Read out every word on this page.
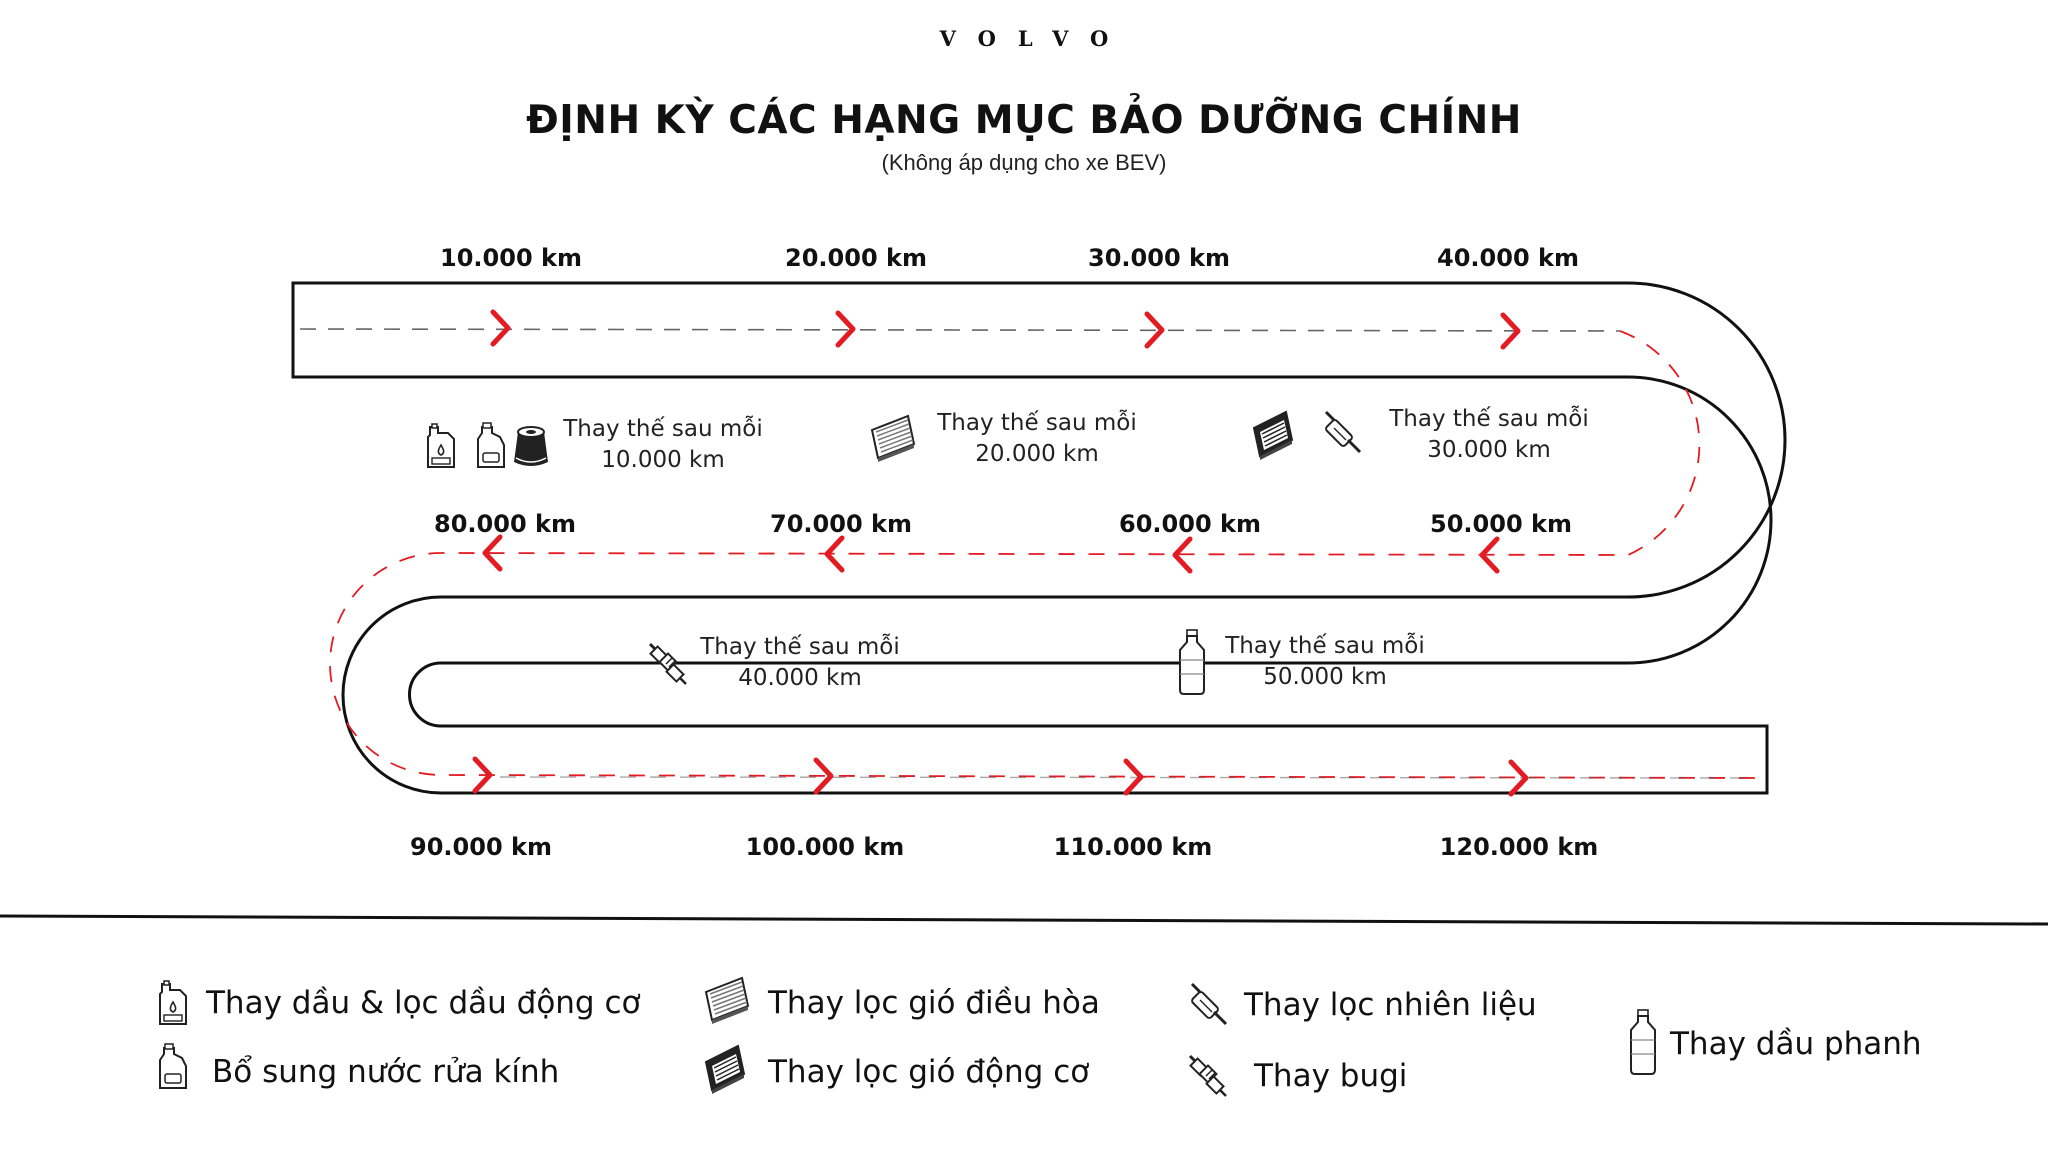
VOLVO
ĐỊNH KỲ CÁC HẠNG MỤC BẢO DƯỠNG CHÍNH
(Không áp dụng cho xe BEV)
10.000 km	20.000 km	30.000 km	40.000 km
50.000 km
60.000 km
70.000 km
80.000 km
90.000 km	100.000 km	110.000 km	120.000 km
Thay thế sau mỗi
10.000 km
Thay thế sau mỗi
20.000 km
Thay thế sau mỗi
30.000 km
Thay thế sau mỗi
40.000 km
Thay thế sau mỗi
50.000 km
Thay dầu & lọc dầu động cơ
Bổ sung nước rửa kính
Thay lọc gió điều hòa
Thay lọc gió động cơ
Thay lọc nhiên liệu
Thay bugi
Thay dầu phanh
